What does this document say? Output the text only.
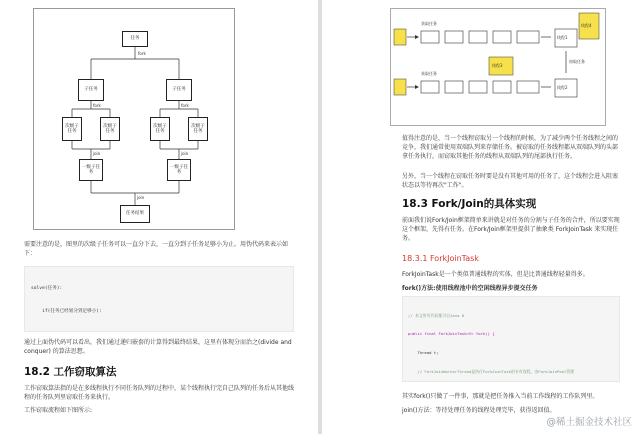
任务
fork
子任务	子任务
fork	fork
次级子任务
次级子任务
次级子任务
次级子任务
join	join
一级子任务
一级子任务
join
任务结果
需要注意的是，图里的次级子任务可以一直分下去，一直分到子任务足够小为止。用伪代码来表示如下：

solve(任务):

if(任务已经划分到足够小):

通过上面伪代码可以看出，我们通过递归嵌套的计算得到最终结果，这里有体现分而治之(divide and conquer) 的算法思想。
18.2 工作窃取算法
工作窃取算法指的是在多线程执行不同任务队列的过程中，某个线程执行完自己队列的任务后从其他线程的任务队列里窃取任务来执行。
工作窃取流程如下图所示:
获取任务
获取任务
线程1
线程2
线程3
线程4
窃取任务
值得注意的是，当一个线程窃取另一个线程的时候，为了减少两个任务线程之间的竞争，我们通常使用双端队列来存储任务。被窃取的任务线程都从双端队列的头部拿任务执行，而窃取其他任务的线程从双端队列的尾部执行任务。
另外，当一个线程在窃取任务时要是没有其他可用的任务了，这个线程会进入阻塞状态以等待再次"工作"。
18.3 Fork/Join的具体实现
前面我们说Fork/Join框架简单来讲就是对任务的分割与子任务的合并，所以要实现这个框架，先得有任务。在Fork/Join框架里提供了抽象类 ForkJoinTask 来实现任务。
18.3.1 ForkJoinTask
ForkJoinTask是一个类似普通线程的实体，但是比普通线程轻量得多。
fork()方法:使用线程池中的空闲线程异步提交任务

// 本文所有代码都引自Java 8

public final ForkJoinTask<V> fork() {

Thread t;

// ForkJoinWorkerThread是执行ForkJoinTask的专有线程，由ForkJoinPool管理

其实fork()只做了一件事，那就是把任务推入当前工作线程的工作队列里。
join()方法：等待处理任务的线程处理完毕，获得返回值。
@稀土掘金技术社区
